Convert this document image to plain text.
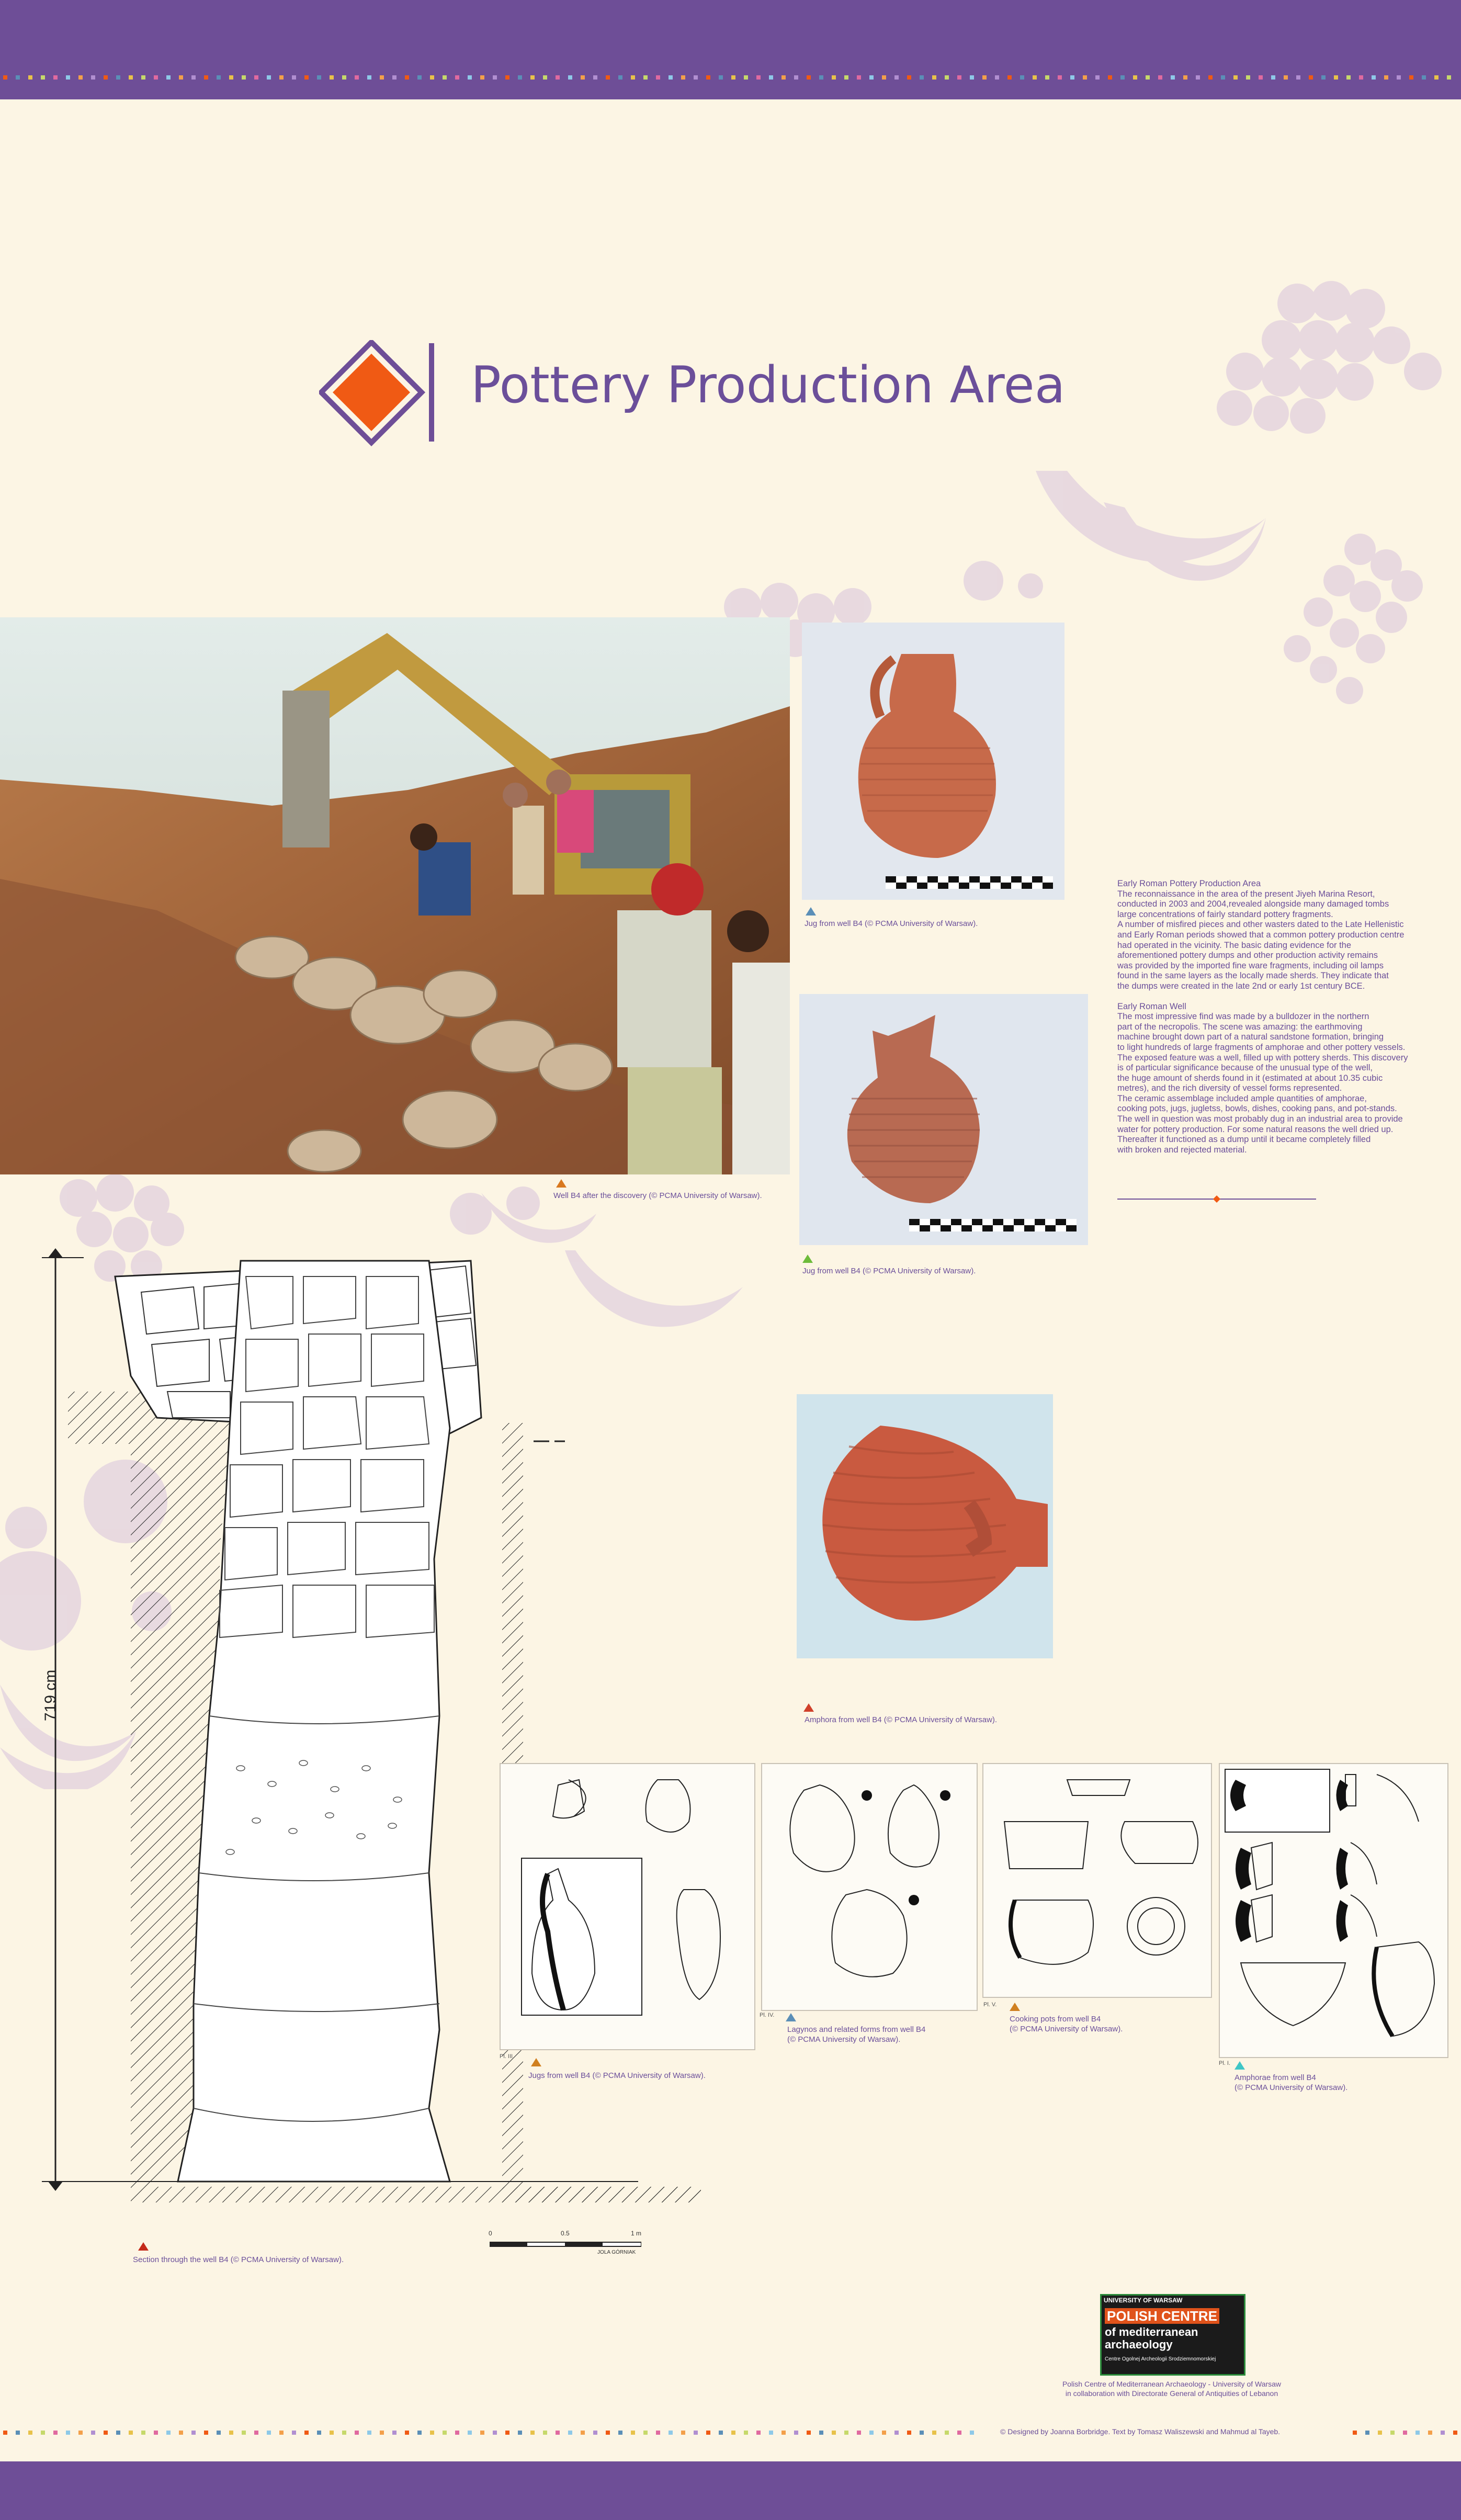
Pottery Production Area
Well B4 after the discovery (© PCMA University of Warsaw).
Jug from well B4 (© PCMA University of Warsaw).
Jug from well B4 (© PCMA University of Warsaw).

Early Roman Pottery Production Area

The reconnaissance in the area of the present Jiyeh Marina Resort,
conducted in 2003 and 2004,revealed alongside many damaged tombs
large concentrations of fairly standard pottery fragments.
A number of misfired pieces and other wasters dated to the Late Hellenistic
and Early Roman periods showed that a common pottery production centre
had operated in the vicinity. The basic dating evidence for the
aforementioned pottery dumps and other production activity remains
was provided by the imported fine ware fragments, including oil lamps
found in the same layers as the locally made sherds. They indicate that
the dumps were created in the late 2nd or early 1st century BCE.

Early Roman Well

The most impressive find was made by a bulldozer in the northern
part of the necropolis. The scene was amazing: the earthmoving
machine brought down part of a natural sandstone formation, bringing
to light hundreds of large fragments of amphorae and other pottery vessels.
The exposed feature was a well, filled up with pottery sherds. This discovery
is of particular significance because of the unusual type of the well,
the huge amount of sherds found in it (estimated at about 10.35 cubic
metres), and the rich diversity of vessel forms represented.
The ceramic assemblage included ample quantities of amphorae,
cooking pots, jugs, jugletss, bowls, dishes, cooking pans, and pot-stands.
The well in question was most probably dug in an industrial area to provide
water for pottery production. For some natural reasons the well dried up.
Thereafter it functioned as a dump until it became completely filled
with broken and rejected material.

Amphora from well B4 (© PCMA University of Warsaw).
719 cm
Section through the well B4 (© PCMA University of Warsaw).
0	0.5	1 m
JOLA GÓRNIAK
Pl. III.
Jugs from well B4 (© PCMA University of Warsaw).
Pl. IV.
Lagynos and related forms from well B4
(© PCMA University of Warsaw).
Pl. V.
Cooking pots from well B4
(© PCMA University of Warsaw).
Pl. I.
Amphorae from well B4
(© PCMA University of Warsaw).
UNIVERSITY OF WARSAW
POLISH CENTRE
of mediterranean
archaeology
Centre Ogolnej Archeologii Srodziemnomorskiej
Polish Centre of Mediterranean Archaeology - University of Warsaw
in collaboration with Directorate General of Antiquities of Lebanon
© Designed by Joanna Borbridge. Text by Tomasz Waliszewski and Mahmud al Tayeb.
